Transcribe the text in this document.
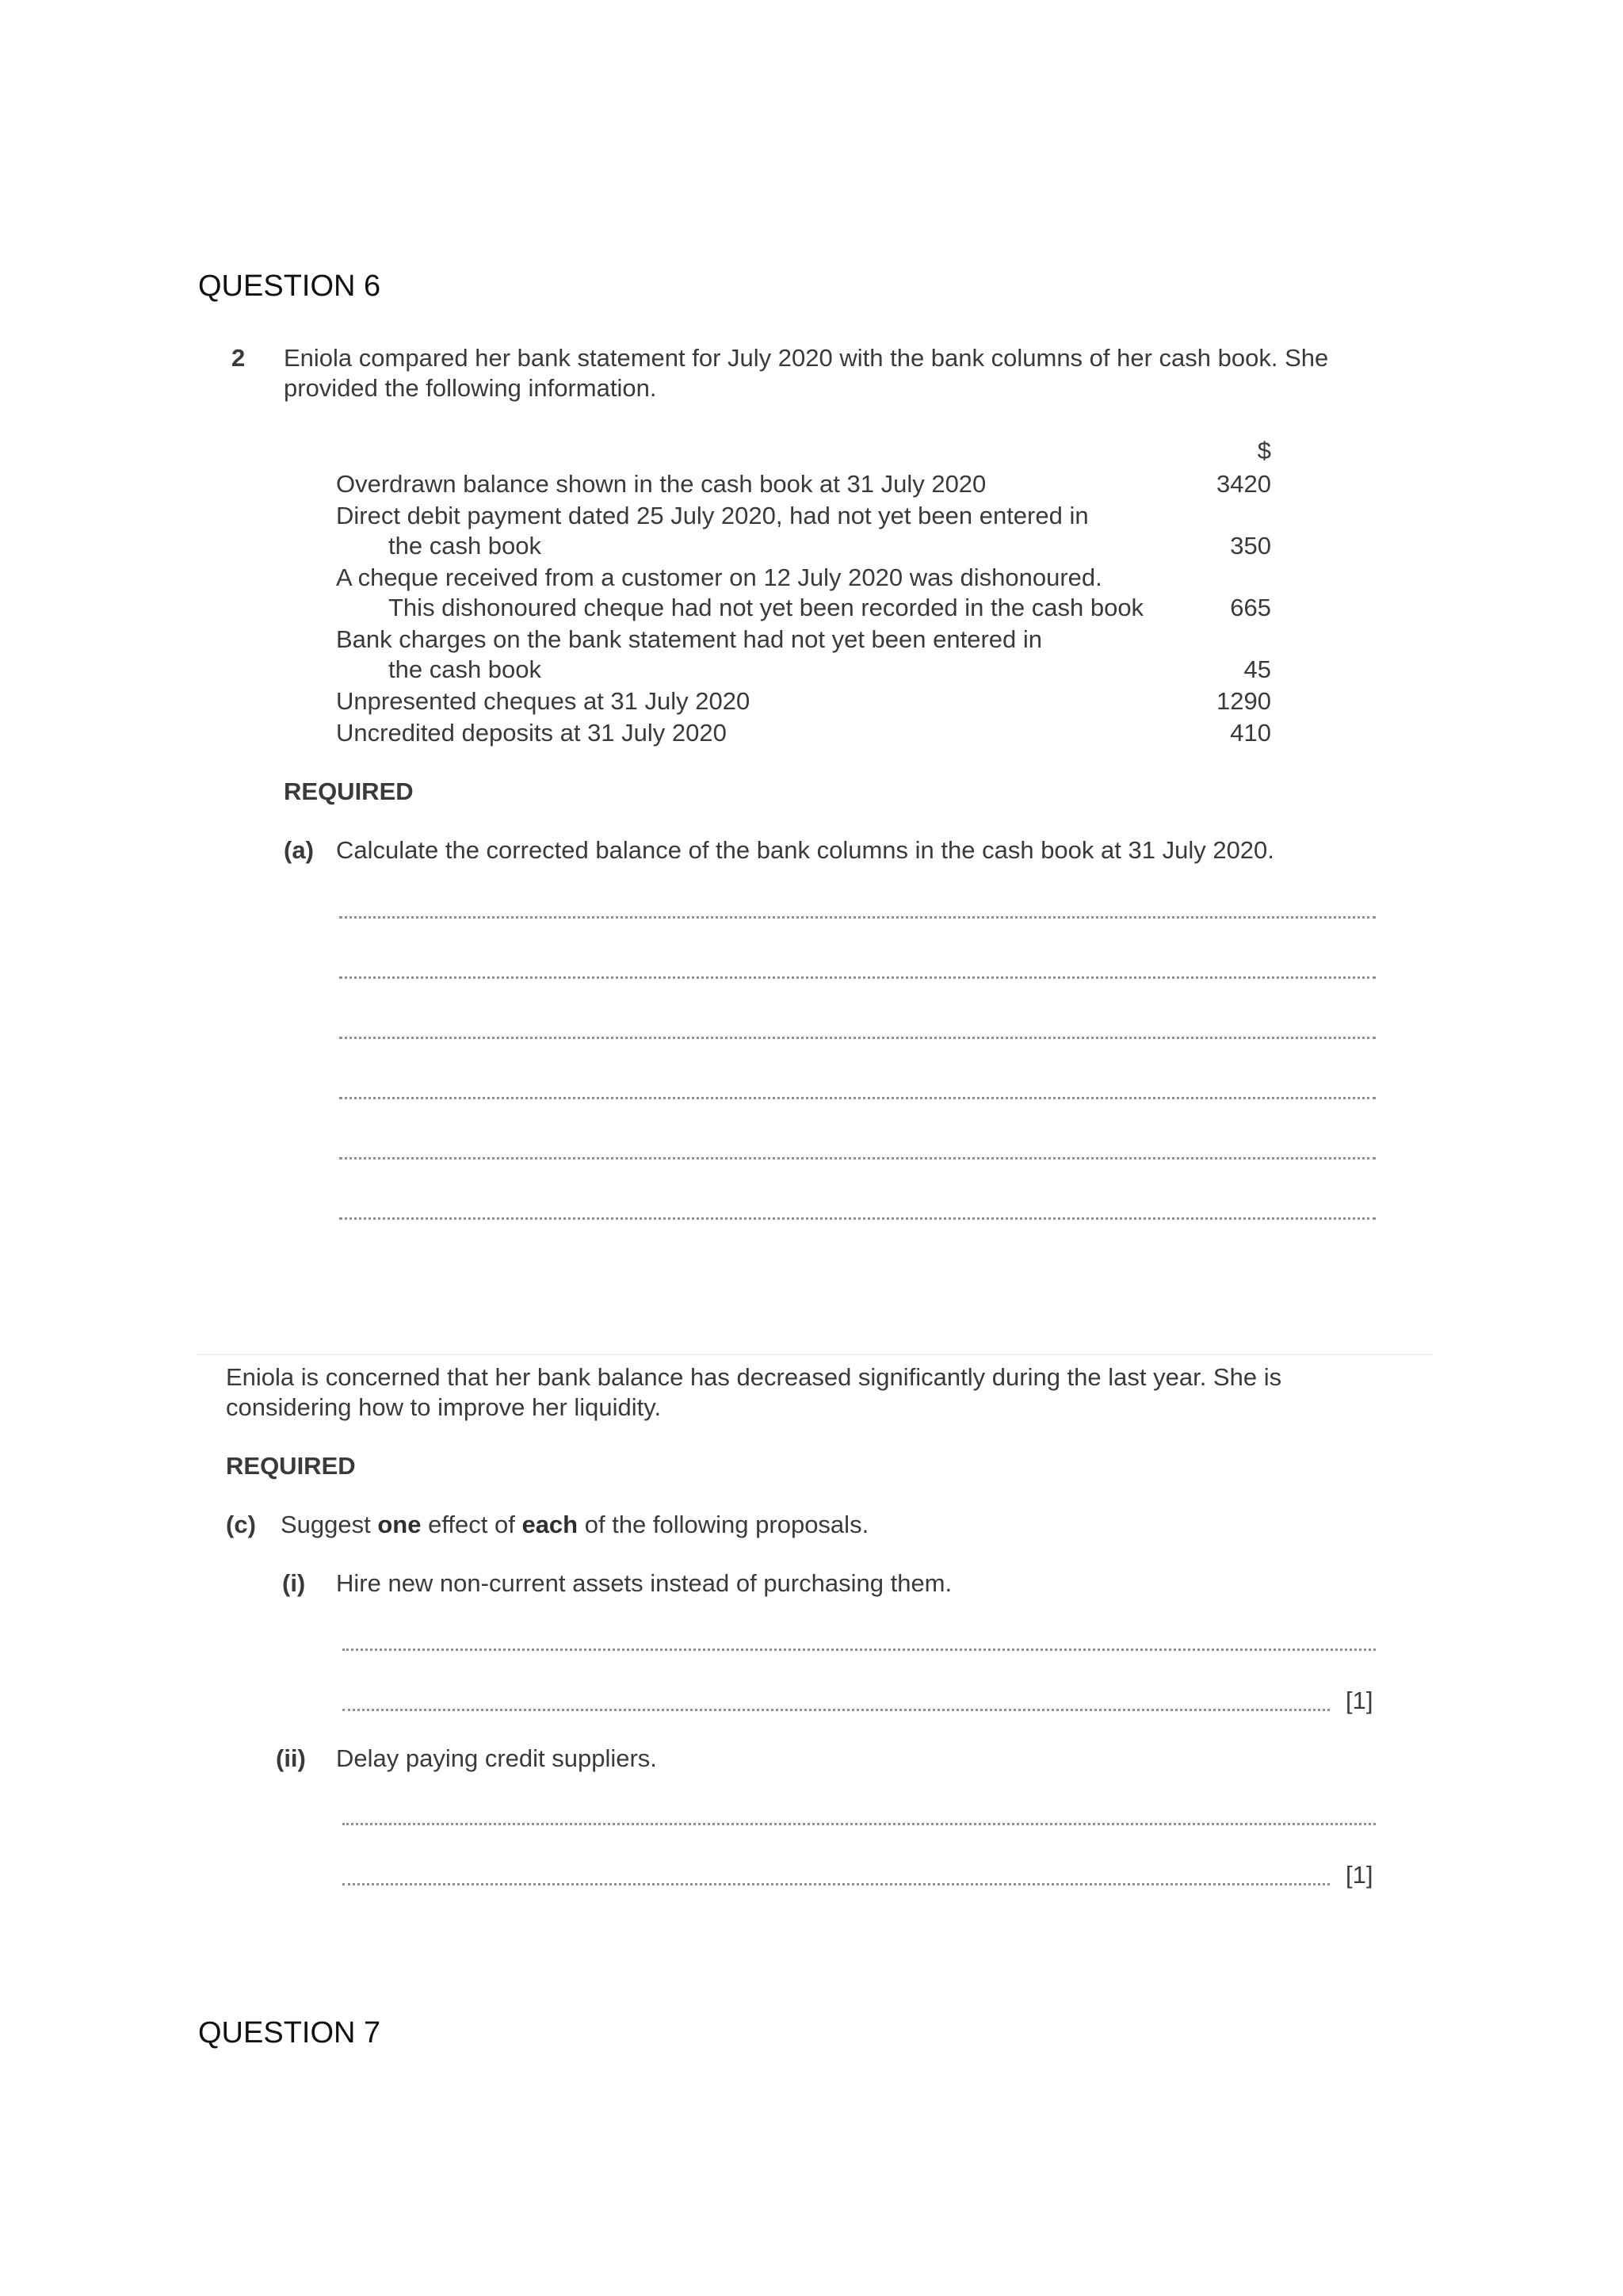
QUESTION 6
2 Eniola compared her bank statement for July 2020 with the bank columns of her cash book. She
provided the following information.
$
Overdrawn balance shown in the cash book at 31 July 2020	3420
Direct debit payment dated 25 July 2020, had not yet been entered in
the cash book	350
A cheque received from a customer on 12 July 2020 was dishonoured.
This dishonoured cheque had not yet been recorded in the cash book	665
Bank charges on the bank statement had not yet been entered in
the cash book	45
Unpresented cheques at 31 July 2020	1290
Uncredited deposits at 31 July 2020	410
REQUIRED
(a) Calculate the corrected balance of the bank columns in the cash book at 31 July 2020.
Eniola is concerned that her bank balance has decreased significantly during the last year. She is
considering how to improve her liquidity.
REQUIRED
(c) Suggest one effect of each of the following proposals.
(i) Hire new non-current assets instead of purchasing them.
[1]
(ii) Delay paying credit suppliers.
[1]
QUESTION 7
